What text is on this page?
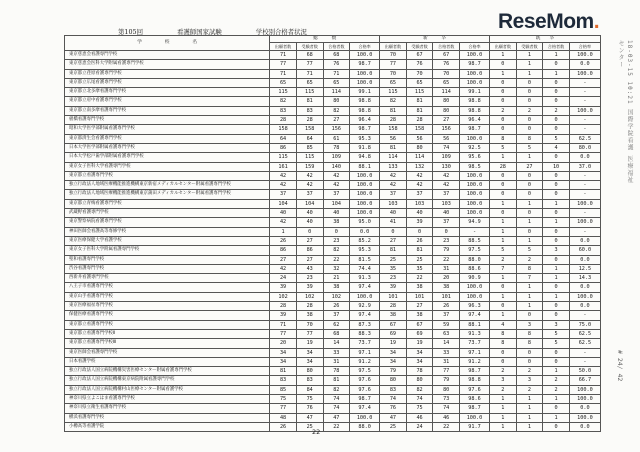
ReseMom.
第105回	看護師国家試験	学校別合格者状況
18-03-15 10:21 国際学院看護 医療福祉センター
# 24/ 42
学　　　　　校　　　　　名	総　　　数				新　　　卒				既　　卒			
	出願者数	受験者数	合格者数	合格率	出願者数	受験者数	合格者数	合格率	出願者数	受験者数	合格者数	合格率
東京慈恵会看護専門学校	71	68	68	100.0	70	67	67	100.0	1	1	1	100.0
東京慈恵会医科大学附属看護専門学校	77	77	76	98.7	77	76	76	98.7	0	1	0	0.0
東京都立荏原看護専門学校	71	71	71	100.0	70	70	70	100.0	1	1	1	100.0
東京都立広尾看護専門学校	65	65	65	100.0	65	65	65	100.0	0	0	0	-
東京都立北多摩看護専門学校	115	115	114	99.1	115	115	114	99.1	0	0	0	-
東京都立府中看護専門学校	82	81	80	98.8	82	81	80	98.8	0	0	0	-
東京都立南多摩看護専門学校	83	83	82	98.8	81	81	80	98.8	2	2	2	100.0
板橋看護専門学校	28	28	27	96.4	28	28	27	96.4	0	0	0	-
昭和大学医学部附属看護専門学校	158	158	156	98.7	158	158	156	98.7	0	0	0	-
東京都済生会看護専門学校	64	64	61	95.3	56	56	56	100.0	8	8	5	62.5
日本大学医学部附属看護専門学校	86	85	78	91.8	81	80	74	92.5	5	5	4	80.0
日本大学松戸歯学部附属看護専門学校	115	115	109	94.8	114	114	109	95.6	1	1	0	0.0
東京女子医科大学看護専門学校	161	159	140	88.1	133	132	130	98.5	28	27	10	37.0
東京都立看護専門学校	42	42	42	100.0	42	42	42	100.0	0	0	0	-
独立行政法人地域医療機能推進機構東京新宿メディカルセンター附属看護専門学校	42	42	42	100.0	42	42	42	100.0	0	0	0	-
独立行政法人地域医療機能推進機構東京蒲田メディカルセンター附属看護専門学校	37	37	37	100.0	37	37	37	100.0	0	0	0	-
東京都立青梅看護専門学校	104	104	104	100.0	103	103	103	100.0	1	1	1	100.0
武蔵野看護専門学校	40	40	40	100.0	40	40	40	100.0	0	0	0	-
東京警察病院看護専門学校	42	40	38	95.0	41	39	37	94.9	1	1	1	100.0
神田医師会看護高等専修学校	1	0	0	0.0	0	0	0	-	1	0	0	-
東京医療保健大学看護学校	26	27	23	85.2	27	26	23	88.5	1	1	0	0.0
東京女子医科大学附属看護専門学校	86	86	82	95.3	81	81	79	97.5	5	5	3	60.0
聖和看護専門学校	27	27	22	81.5	25	25	22	88.0	2	2	0	0.0
渋谷看護専門学校	42	43	32	74.4	35	35	31	88.6	7	8	1	12.5
西新井看護専門学校	24	23	21	91.3	23	22	20	90.9	1	7	1	14.3
八王子市看護専門学校	39	39	38	97.4	39	38	38	100.0	0	1	0	0.0
東京山手看護専門学校	102	102	102	100.0	101	101	101	100.0	1	1	1	100.0
東京医療福祉専門学校	28	28	26	92.9	28	27	26	96.3	0	1	0	0.0
保健医療看護専門学校	39	38	37	97.4	38	38	37	97.4	1	0	0	-
東京都立看護専門学校	71	70	62	87.3	67	67	59	88.1	4	3	3	75.0
東京都立看護専門学校Ⅱ	77	77	68	88.3	69	69	63	91.3	8	8	5	62.5
東京都立看護専門学校Ⅲ	20	19	14	73.7	19	19	14	73.7	8	8	5	62.5
東京医師会看護専門学校	34	34	33	97.1	34	34	33	97.1	0	0	0	-
日本看護学校	34	34	31	91.2	34	34	31	91.2	0	0	0	-
独立行政法人国立病院機構災害医療センター附属看護専門学校	81	80	78	97.5	79	78	77	98.7	2	2	1	50.0
独立行政法人国立病院機構東京病院附属看護専門学校	83	83	81	97.6	80	80	79	98.8	3	3	2	66.7
独立行政法人国立病院機構村山医療センター附属看護学校	85	84	82	97.6	83	82	80	97.6	2	2	2	100.0
神奈川県立よこはま看護専門学校	75	75	74	98.7	74	74	73	98.6	1	1	1	100.0
神奈川県立衛生看護専門学校	77	76	74	97.4	76	75	74	98.7	1	1	0	0.0
横浜看護専門学校	48	47	47	100.0	47	46	46	100.0	1	1	1	100.0
小樽高等看護学院	26	25	22	88.0	25	24	22	91.7	1	1	0	0.0
22
